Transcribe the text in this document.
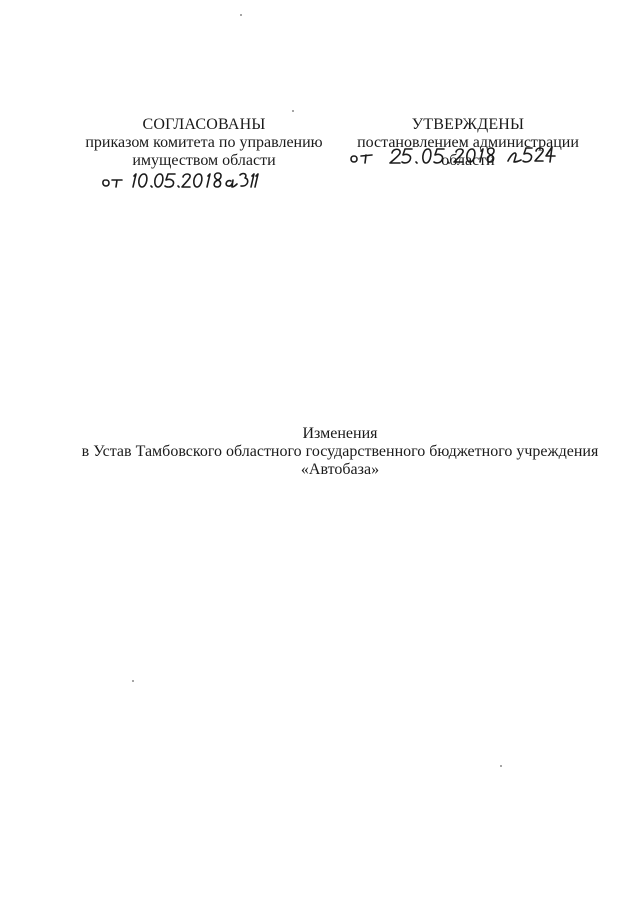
СОГЛАСОВАНЫ
приказом комитета по управлению
имуществом области
УТВЕРЖДЕНЫ
постановлением администрации области
Изменения
в Устав Тамбовского областного государственного бюджетного учреждения
«Автобаза»
